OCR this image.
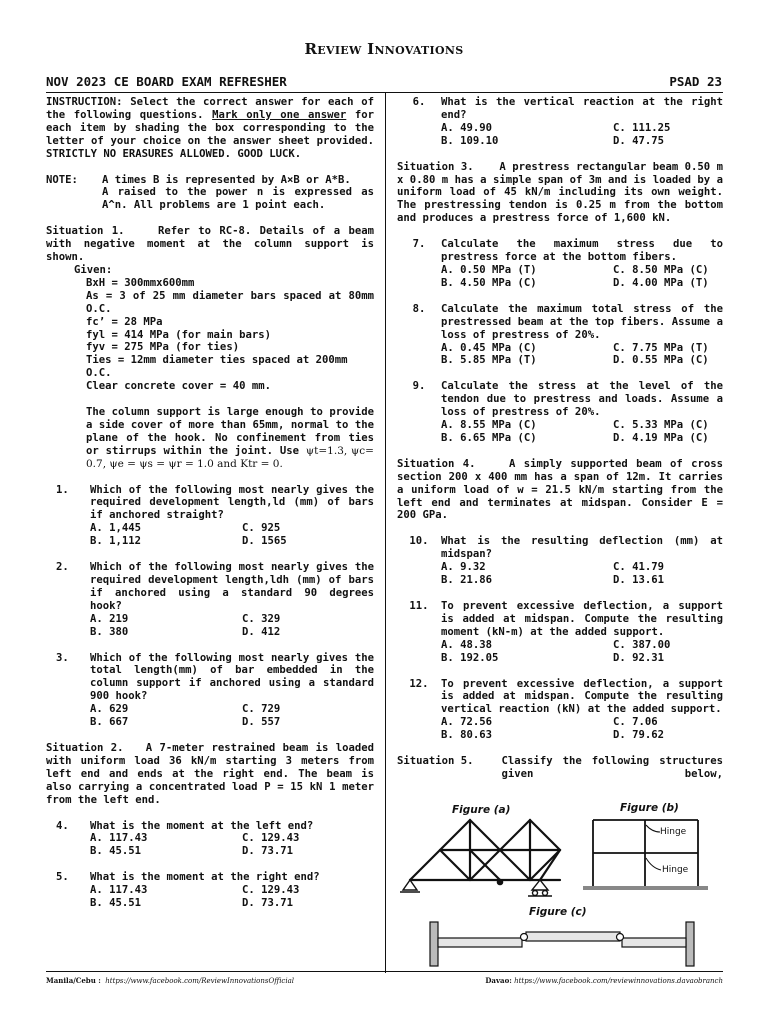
Review Innovations
NOV 2023 CE BOARD EXAM REFRESHER	PSAD 23

INSTRUCTION: Select the correct answer for each of the following questions. Mark only one answer for each item by shading the box corresponding to the letter of your choice on the answer sheet provided. STRICTLY NO ERASURES ALLOWED. GOOD LUCK.

NOTE:	A times B is represented by A×B or A*B.
A raised to the power n is expressed as A^n. All problems are 1 point each.
Situation 1.	Refer to RC-8. Details of a beam with negative moment at the column support is shown.
Given:
BxH = 300mmx600mm
As = 3 of 25 mm diameter bars spaced at 80mm O.C.
fc’ = 28 MPa
fyl = 414 MPa (for main bars)
fyv = 275 MPa (for ties)
Ties = 12mm diameter ties spaced at 200mm O.C.
Clear concrete cover = 40 mm.
The column support is large enough to provide a side cover of more than 65mm, normal to the plane of the hook. No confinement from ties or stirrups within the joint. Use ψt=1.3, ψc= 0.7, ψe = ψs = ψr = 1.0 and Ktr = 0.
1.	Which of the following most nearly gives the required development length,ld (mm) of bars if anchored straight?
A. 1,445	C. 925
B. 1,112	D. 1565
2.	Which of the following most nearly gives the required development length,ldh (mm) of bars if anchored using a standard 90 degrees hook?
A. 219	C. 329
B. 380	D. 412
3.	Which of the following most nearly gives the total length(mm) of bar embedded in the column support if anchored using a standard 900 hook?
A. 629	C. 729
B. 667	D. 557
Situation 2. A 7-meter restrained beam is loaded with uniform load 36 kN/m starting 3 meters from left end and ends at the right end. The beam is also carrying a concentrated load P = 15 kN 1 meter from the left end.
4.	What is the moment at the left end?
A. 117.43	C. 129.43
B. 45.51	D. 73.71
5.	What is the moment at the right end?
A. 117.43	C. 129.43
B. 45.51	D. 73.71
6.	What is the vertical reaction at the right end?
A. 49.90	C. 111.25
B. 109.10	D. 47.75
Situation 3. A prestress rectangular beam 0.50 m x 0.80 m has a simple span of 3m and is loaded by a uniform load of 45 kN/m including its own weight. The prestressing tendon is 0.25 m from the bottom and produces a prestress force of 1,600 kN.
7.	Calculate the maximum stress due to prestress force at the bottom fibers.
A. 0.50 MPa (T)	C. 8.50 MPa (C)
B. 4.50 MPa (C)	D. 4.00 MPa (T)
8.	Calculate the maximum total stress of the prestressed beam at the top fibers. Assume a loss of prestress of 20%.
A. 0.45 MPa (C)	C. 7.75 MPa (T)
B. 5.85 MPa (T)	D. 0.55 MPa (C)
9.	Calculate the stress at the level of the tendon due to prestress and loads. Assume a loss of prestress of 20%.
A. 8.55 MPa (C)	C. 5.33 MPa (C)
B. 6.65 MPa (C)	D. 4.19 MPa (C)
Situation 4.	A simply supported beam of cross section 200 x 400 mm has a span of 12m. It carries a uniform load of w = 21.5 kN/m starting from the left end and terminates at midspan. Consider E = 200 GPa.
10.	What is the resulting deflection (mm) at midspan?
A. 9.32	C. 41.79
B. 21.86	D. 13.61
11.	To prevent excessive deflection, a support is added at midspan. Compute the resulting moment (kN-m) at the added support.
A. 48.38	C. 387.00
B. 192.05	D. 92.31
12.	To prevent excessive deflection, a support is added at midspan. Compute the resulting vertical reaction (kN) at the added support.
A. 72.56	C. 7.06
B. 80.63	D. 79.62
Situation 5.	Classify the following structures given below,
Figure (a)	Figure (b)
Figure (c)
Hinge
Hinge
Manila/Cebu : https://www.facebook.com/ReviewInnovationsOfficial	Davao: https://www.facebook.com/reviewinnovations.davaobranch
